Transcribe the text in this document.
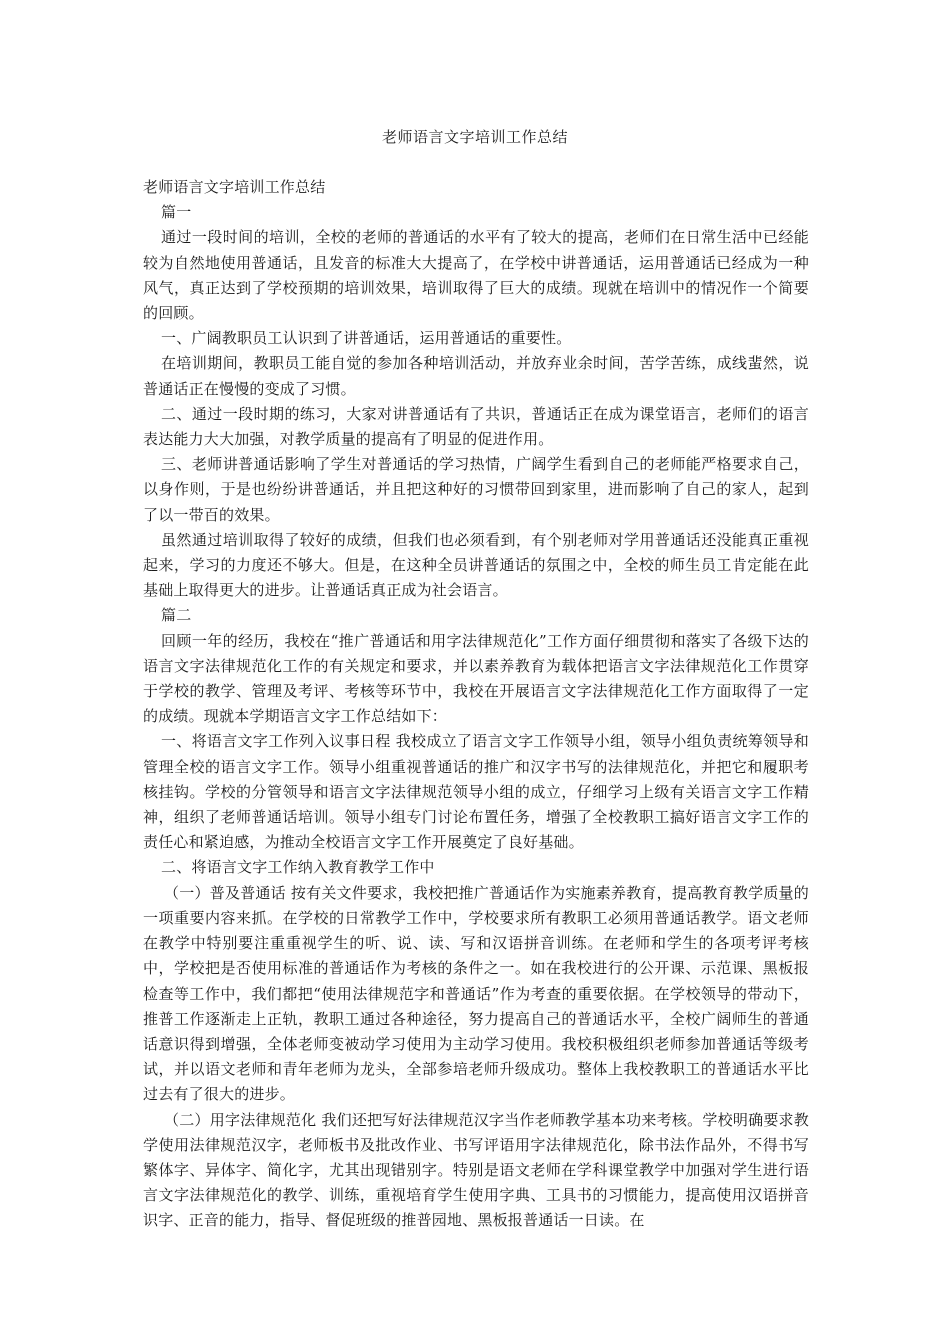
老师语言文字培训工作总结

老师语言文字培训工作总结

篇一

通过一段时间的培训，全校的老师的普通话的水平有了较大的提高，老师们在日常生活中已经能较为自然地使用普通话，且发音的标准大大提高了，在学校中讲普通话，运用普通话已经成为一种风气，真正达到了学校预期的培训效果，培训取得了巨大的成绩。现就在培训中的情况作一个简要的回顾。

一、广阔教职员工认识到了讲普通话，运用普通话的重要性。

在培训期间，教职员工能自觉的参加各种培训活动，并放弃业余时间，苦学苦练，成线蜚然，说普通话正在慢慢的变成了习惯。

二、通过一段时期的练习，大家对讲普通话有了共识，普通话正在成为课堂语言，老师们的语言表达能力大大加强，对教学质量的提高有了明显的促进作用。

三、老师讲普通话影响了学生对普通话的学习热情，广阔学生看到自己的老师能严格要求自己，以身作则，于是也纷纷讲普通话，并且把这种好的习惯带回到家里，进而影响了自己的家人，起到了以一带百的效果。

虽然通过培训取得了较好的成绩，但我们也必须看到，有个别老师对学用普通话还没能真正重视起来，学习的力度还不够大。但是，在这种全员讲普通话的氛围之中，全校的师生员工肯定能在此基础上取得更大的进步。让普通话真正成为社会语言。

篇二

回顾一年的经历，我校在“推广普通话和用字法律规范化”工作方面仔细贯彻和落实了各级下达的语言文字法律规范化工作的有关规定和要求，并以素养教育为载体把语言文字法律规范化工作贯穿于学校的教学、管理及考评、考核等环节中，我校在开展语言文字法律规范化工作方面取得了一定的成绩。现就本学期语言文字工作总结如下：

一、将语言文字工作列入议事日程 我校成立了语言文字工作领导小组，领导小组负责统筹领导和管理全校的语言文字工作。领导小组重视普通话的推广和汉字书写的法律规范化，并把它和履职考核挂钩。学校的分管领导和语言文字法律规范领导小组的成立，仔细学习上级有关语言文字工作精神，组织了老师普通话培训。领导小组专门讨论布置任务，增强了全校教职工搞好语言文字工作的责任心和紧迫感，为推动全校语言文字工作开展奠定了良好基础。

二、将语言文字工作纳入教育教学工作中

（一）普及普通话 按有关文件要求，我校把推广普通话作为实施素养教育，提高教育教学质量的一项重要内容来抓。在学校的日常教学工作中，学校要求所有教职工必须用普通话教学。语文老师在教学中特别要注重重视学生的听、说、读、写和汉语拼音训练。在老师和学生的各项考评考核中，学校把是否使用标准的普通话作为考核的条件之一。如在我校进行的公开课、示范课、黑板报检查等工作中，我们都把“使用法律规范字和普通话”作为考查的重要依据。在学校领导的带动下，推普工作逐渐走上正轨，教职工通过各种途径，努力提高自己的普通话水平，全校广阔师生的普通话意识得到增强，全体老师变被动学习使用为主动学习使用。我校积极组织老师参加普通话等级考试，并以语文老师和青年老师为龙头，全部参培老师升级成功。整体上我校教职工的普通话水平比过去有了很大的进步。

（二）用字法律规范化 我们还把写好法律规范汉字当作老师教学基本功来考核。学校明确要求教学使用法律规范汉字，老师板书及批改作业、书写评语用字法律规范化，除书法作品外，不得书写繁体字、异体字、简化字，尤其出现错别字。特别是语文老师在学科课堂教学中加强对学生进行语言文字法律规范化的教学、训练，重视培育学生使用字典、工具书的习惯能力，提高使用汉语拼音识字、正音的能力，指导、督促班级的推普园地、黑板报普通话一日读。在
